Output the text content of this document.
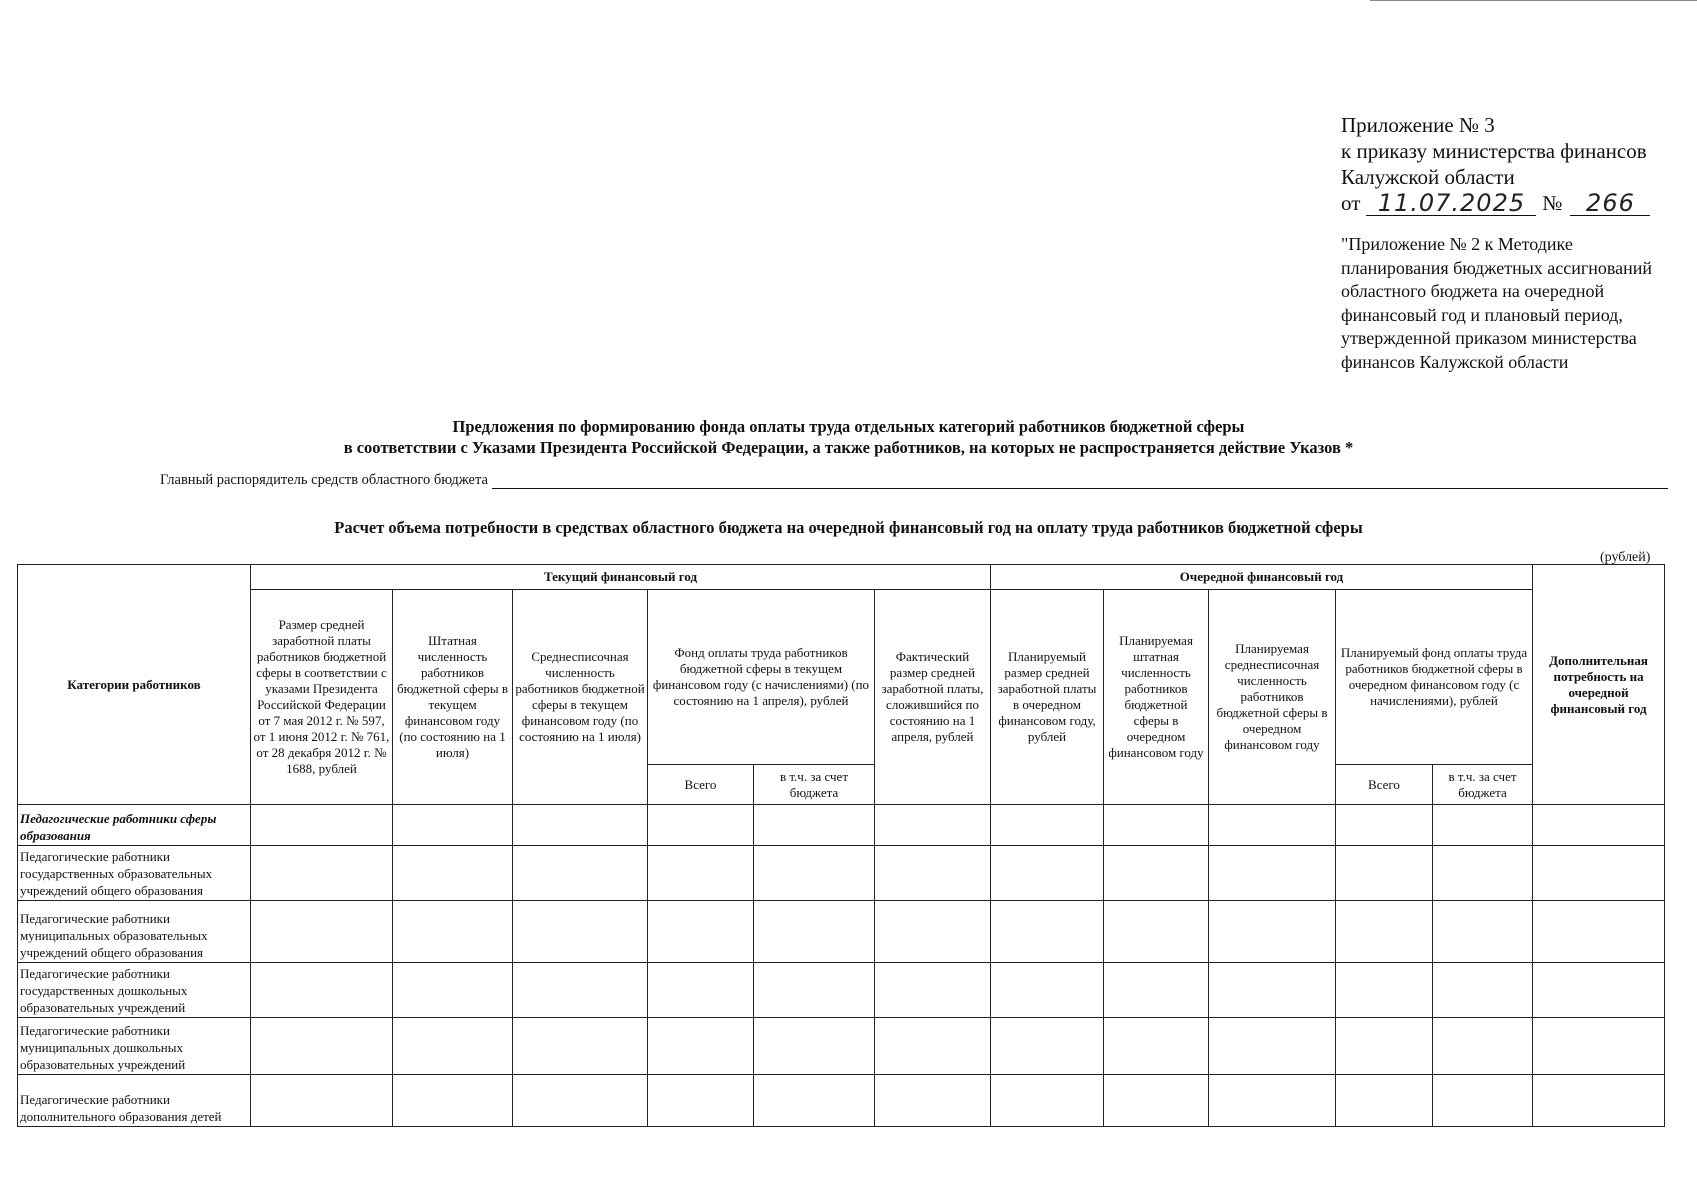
Приложение № 3
к приказу министерства финансов
Калужской области
от 11.07.2025 № 266
"Приложение № 2 к Методике планирования бюджетных ассигнований областного бюджета на очередной финансовый год и плановый период, утвержденной приказом министерства финансов Калужской области
Предложения по формированию фонда оплаты труда отдельных категорий работников бюджетной сферы
в соответствии с Указами Президента Российской Федерации, а также работников, на которых не распространяется действие Указов *
Главный распорядитель средств областного бюджета
Расчет объема потребности в средствах областного бюджета на очередной финансовый год на оплату труда работников бюджетной сферы
(рублей)
Категории работников	Текущий финансовый год						Очередной финансовый год					Дополнительная потребность на очередной финансовый год
	Размер средней заработной платы работников бюджетной сферы в соответствии с указами Президента Российской Федерации от 7 мая 2012 г. № 597, от 1 июня 2012 г. № 761, от 28 декабря 2012 г. № 1688, рублей	Штатная численность работников бюджетной сферы в текущем финансовом году (по состоянию на 1 июля)	Среднесписочная численность работников бюджетной сферы в текущем финансовом году (по состоянию на 1 июля)	Фонд оплаты труда работников бюджетной сферы в текущем финансовом году (с начислениями) (по состоянию на 1 апреля), рублей		Фактический размер средней заработной платы, сложившийся по состоянию на 1 апреля, рублей	Планируемый размер средней заработной платы в очередном финансовом году, рублей	Планируемая штатная численность работников бюджетной сферы в очередном финансовом году	Планируемая среднесписочная численность работников бюджетной сферы в очередном финансовом году	Планируемый фонд оплаты труда работников бюджетной сферы в очередном финансовом году (с начислениями), рублей		
				Всего	в т.ч. за счет бюджета					Всего	в т.ч. за счет бюджета	
Педагогические работники сферы образования												
Педагогические работники государственных образовательных учреждений общего образования												
Педагогические работники муниципальных образовательных учреждений общего образования												
Педагогические работники государственных дошкольных образовательных учреждений												
Педагогические работники муниципальных дошкольных образовательных учреждений												
Педагогические работники дополнительного образования детей												
